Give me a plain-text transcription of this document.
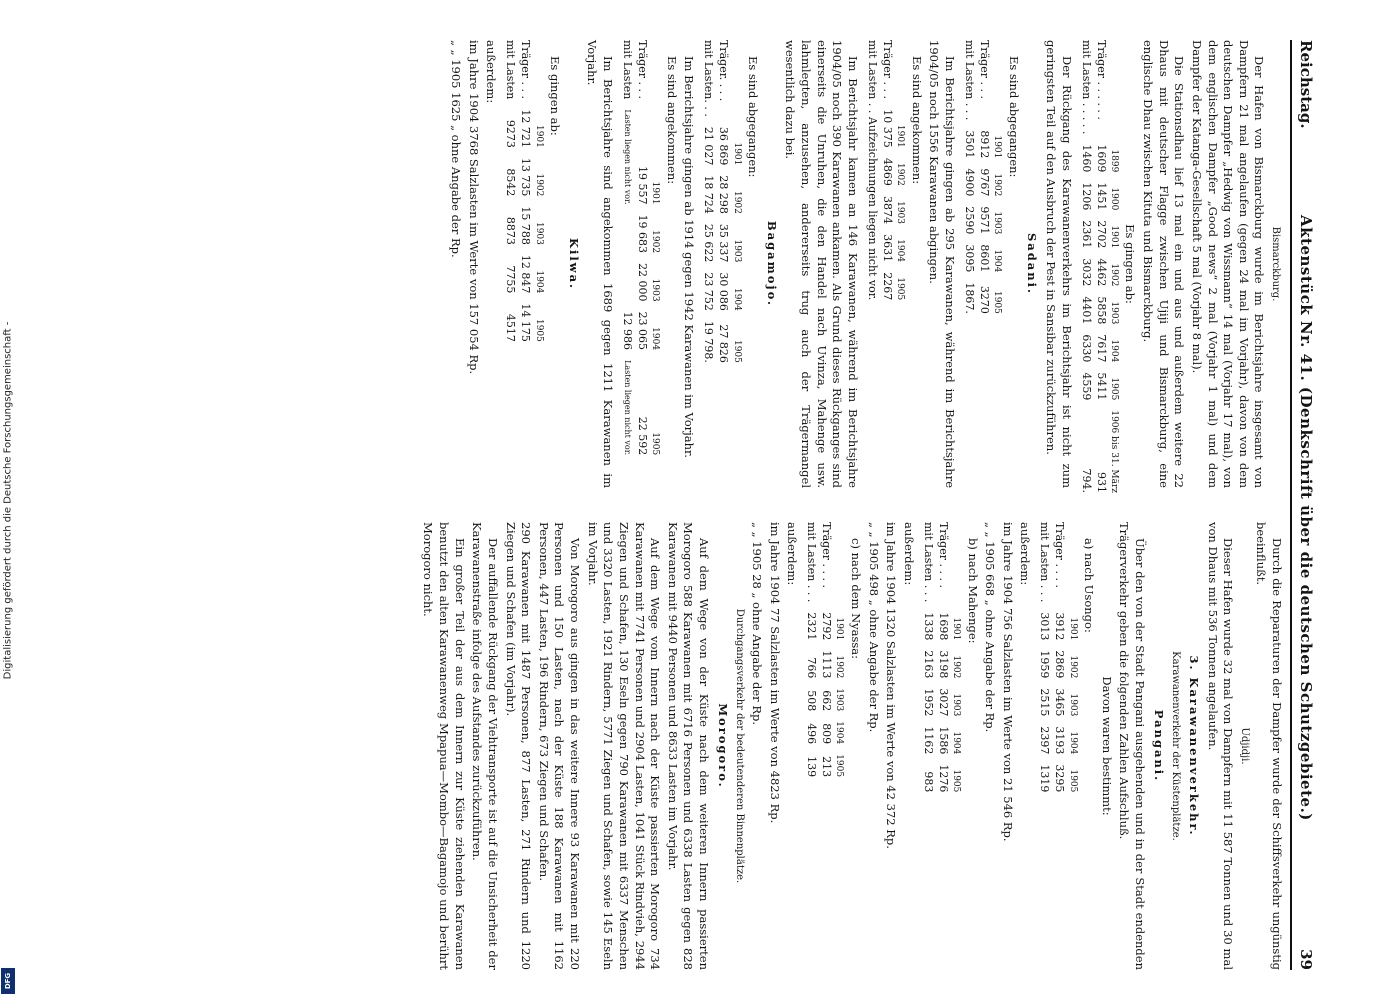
Digitalisierung gefördert durch die Deutsche Forschungsgemeinschaft -
DFG
Reichstag.
Aktenstück Nr. 41. (Denkschrift über die deutschen Schutzgebiete.)
39

Bismarckburg.

Der Hafen von Bismarckburg wurde im Berichtsjahre insgesamt von Dampfern 21 mal angelaufen (gegen 24 mal im Vorjahr), davon von dem deutschen Dampfer „Hedwig von Wissmann“ 14 mal (Vorjahr 17 mal), von dem englischen Dampfer „Good news“ 2 mal (Vorjahr 1 mal) und dem Dampfer der Katanga-Gesellschaft 5 mal (Vorjahr 8 mal).

Die Stationsdhau lief 13 mal ein und aus und außerdem weitere 22 Dhaus mit deutscher Flagge zwischen Ujiji und Bismarckburg, eine englische Dhau zwischen Kituta und Bismarckburg.

Es gingen ab:

	1899	1900	1901	1902	1903	1904	1905	1906 bis 31. März
Träger . . . . . .	1609	1451	2702	4462	5858	7617	5411	931
mit Lasten . . . . .	1460	1206	2361	3032	4401	6330	4559	794.

Der Rückgang des Karawanenverkehrs im Berichtsjahr ist nicht zum geringsten Teil auf den Ausbruch der Pest in Sansibar zurückzuführen.

Sadani.

Es sind abgegangen:

	1901	1902	1903	1904	1905
Träger . . .	8912	9767	9571	8601	3270
mit Lasten . . .	3501	4900	2590	3095	1867.

Im Berichtsjahre gingen ab 295 Karawanen, während im Berichtsjahre 1904/05 noch 1556 Karawanen abgingen.

Es sind angekommen:

	1901	1902	1903	1904	1905
Träger . . .	10 375	4869	3874	3631	2267
mit Lasten . . Aufzeichnungen liegen nicht vor.					

Im Berichtsjahr kamen an 146 Karawanen, während im Berichtsjahre 1904/05 noch 390 Karawanen ankamen. Als Grund dieses Rückganges sind einerseits die Unruhen, die den Handel nach Uvinza, Mahenge usw. lahmlegten, anzusehen, andererseits trug auch der Trägermangel wesentlich dazu bei.

Bagamojo.

Es sind abgegangen:

	1901	1902	1903	1904	1905
Träger. . . .	36 869	28 298	35 337	30 086	27 826
mit Lasten. . .	21 027	18 724	25 622	23 752	19 798.

Im Berichtsjahre gingen ab 1914 gegen 1942 Karawanen im Vorjahr.

Es sind angekommen:

	1901	1902	1903	1904	1905
Träger . . .	19 557	19 683	22 000	23 065	22 592
mit Lasten	Lasten liegen nicht vor.			12 986	Lasten liegen nicht vor.

Im Berichtsjahre sind angekommen 1689 gegen 1211 Karawanen im Vorjahr.

Kilwa.

Es gingen ab:

	1901	1902	1903	1904	1905
Träger . . .	12 721	13 735	15 788	12 847	14 175
mit Lasten	9273	8542	8873	7755	4517

außerdem:

im Jahre 1904 3768 Salzlasten im Werte von 157 054 Rp.

„ „ 1905 1625 „ ohne Angabe der Rp.

Durch die Reparaturen der Dampfer wurde der Schiffsverkehr ungünstig beeinflußt.

Udjidji.

Dieser Hafen wurde 32 mal von Dampfern mit 11 587 Tonnen und 30 mal von Dhaus mit 536 Tonnen angelaufen.

3. Karawanenverkehr.

Karawanenverkehr der Küstenplätze.

Pangani.

Über den von der Stadt Pangani ausgehenden und in der Stadt endenden Trägerverkehr geben die folgenden Zahlen Aufschluß.

Davon waren bestimmt:

a) nach Usongo:

	1901	1902	1903	1904	1905
Träger . . . .	3912	2869	3465	3193	3295
mit Lasten . . .	3013	1959	2515	2397	1319

außerdem:

im Jahre 1904 756 Salzlasten im Werte von 21 546 Rp.

„ „ 1905 668 „ ohne Angabe der Rp.

b) nach Mahenge:

	1901	1902	1903	1904	1905
Träger . . . .	1698	3198	3027	1586	1276
mit Lasten . . .	1338	2163	1952	1162	983

außerdem:

im Jahre 1904 1320 Salzlasten im Werte von 42 372 Rp.

„ „ 1905 498 „ ohne Angabe der Rp.

c) nach dem Nyassa:

	1901	1902	1903	1904	1905
Träger . . . .	2792	1113	662	809	213
mit Lasten . . .	2321	766	508	496	139

außerdem:

im Jahre 1904 77 Salzlasten im Werte von 4823 Rp.

„ „ 1905 28 „ ohne Angabe der Rp.

Durchgangsverkehr der bedeutenderen Binnenplätze.

Morogoro.

Auf dem Wege von der Küste nach dem weiteren Innern passierten Morogoro 588 Karawanen mit 6716 Personen und 6338 Lasten gegen 828 Karawanen mit 9440 Personen und 8633 Lasten im Vorjahr.

Auf dem Wege vom Innern nach der Küste passierten Morogoro 734 Karawanen mit 7741 Personen und 2904 Lasten, 1041 Stück Rindvieh, 2944 Ziegen und Schafen, 130 Eseln gegen 790 Karawanen mit 6337 Menschen und 3320 Lasten, 1921 Rindern, 5771 Ziegen und Schafen, sowie 145 Eseln im Vorjahr.

Von Morogoro aus gingen in das weitere Innere 93 Karawanen mit 220 Personen und 150 Lasten, nach der Küste 188 Karawanen mit 1162 Personen, 447 Lasten, 196 Rindern, 673 Ziegen und Schafen.

290 Karawanen mit 1487 Personen, 877 Lasten, 271 Rindern und 1220 Ziegen und Schafen (im Vorjahr).

Der auffallende Rückgang der Viehtransporte ist auf die Unsicherheit der Karawanenstraße infolge des Aufstandes zurückzuführen.

Ein großer Teil der aus dem Innern zur Küste ziehenden Karawanen benutzt den alten Karawanenweg Mpapua—Mombo—Bagamojo und berührt Morogoro nicht.
